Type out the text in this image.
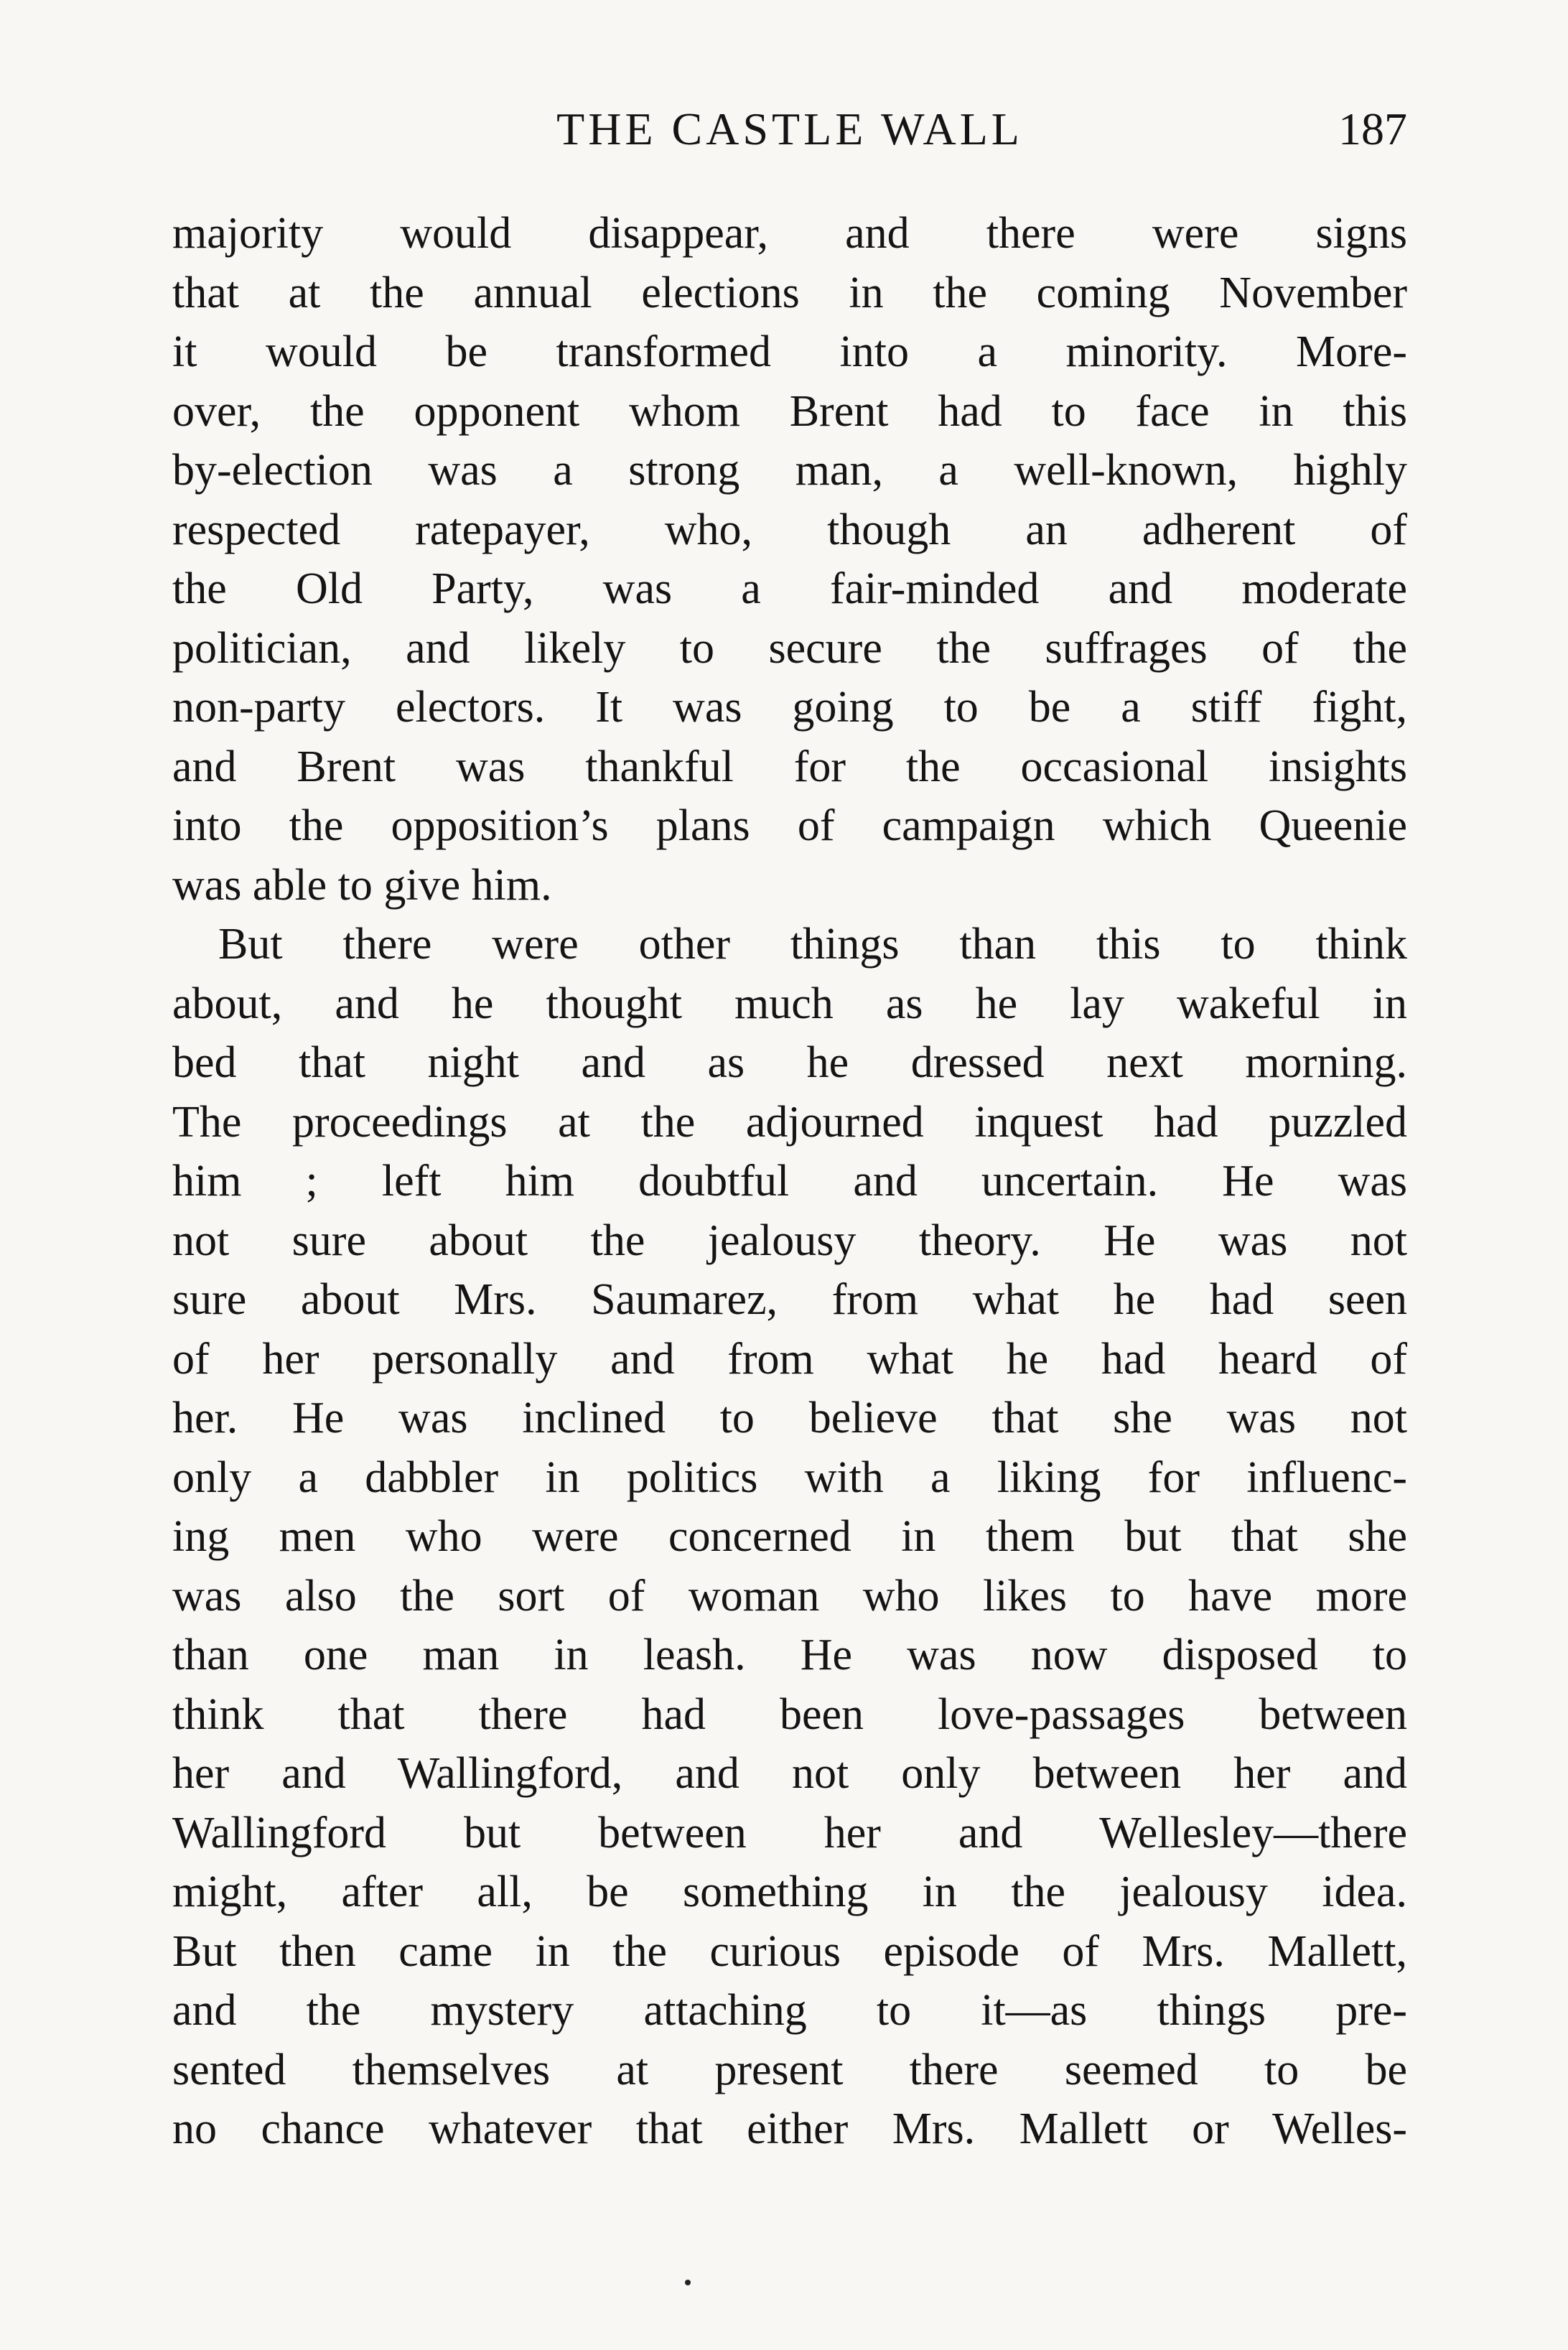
THE CASTLE WALL	187
majority would disappear, and there were signs
that at the annual elections in the coming November
it would be transformed into a minority. More-
over, the opponent whom Brent had to face in this
by-election was a strong man, a well-known, highly
respected ratepayer, who, though an adherent of
the Old Party, was a fair-minded and moderate
politician, and likely to secure the suffrages of the
non-party electors. It was going to be a stiff fight,
and Brent was thankful for the occasional insights
into the opposition’s plans of campaign which Queenie
was able to give him.
But there were other things than this to think
about, and he thought much as he lay wakeful in
bed that night and as he dressed next morning.
The proceedings at the adjourned inquest had puzzled
him ; left him doubtful and uncertain. He was
not sure about the jealousy theory. He was not
sure about Mrs. Saumarez, from what he had seen
of her personally and from what he had heard of
her. He was inclined to believe that she was not
only a dabbler in politics with a liking for influenc-
ing men who were concerned in them but that she
was also the sort of woman who likes to have more
than one man in leash. He was now disposed to
think that there had been love-passages between
her and Wallingford, and not only between her and
Wallingford but between her and Wellesley—there
might, after all, be something in the jealousy idea.
But then came in the curious episode of Mrs. Mallett,
and the mystery attaching to it—as things pre-
sented themselves at present there seemed to be
no chance whatever that either Mrs. Mallett or Welles-
